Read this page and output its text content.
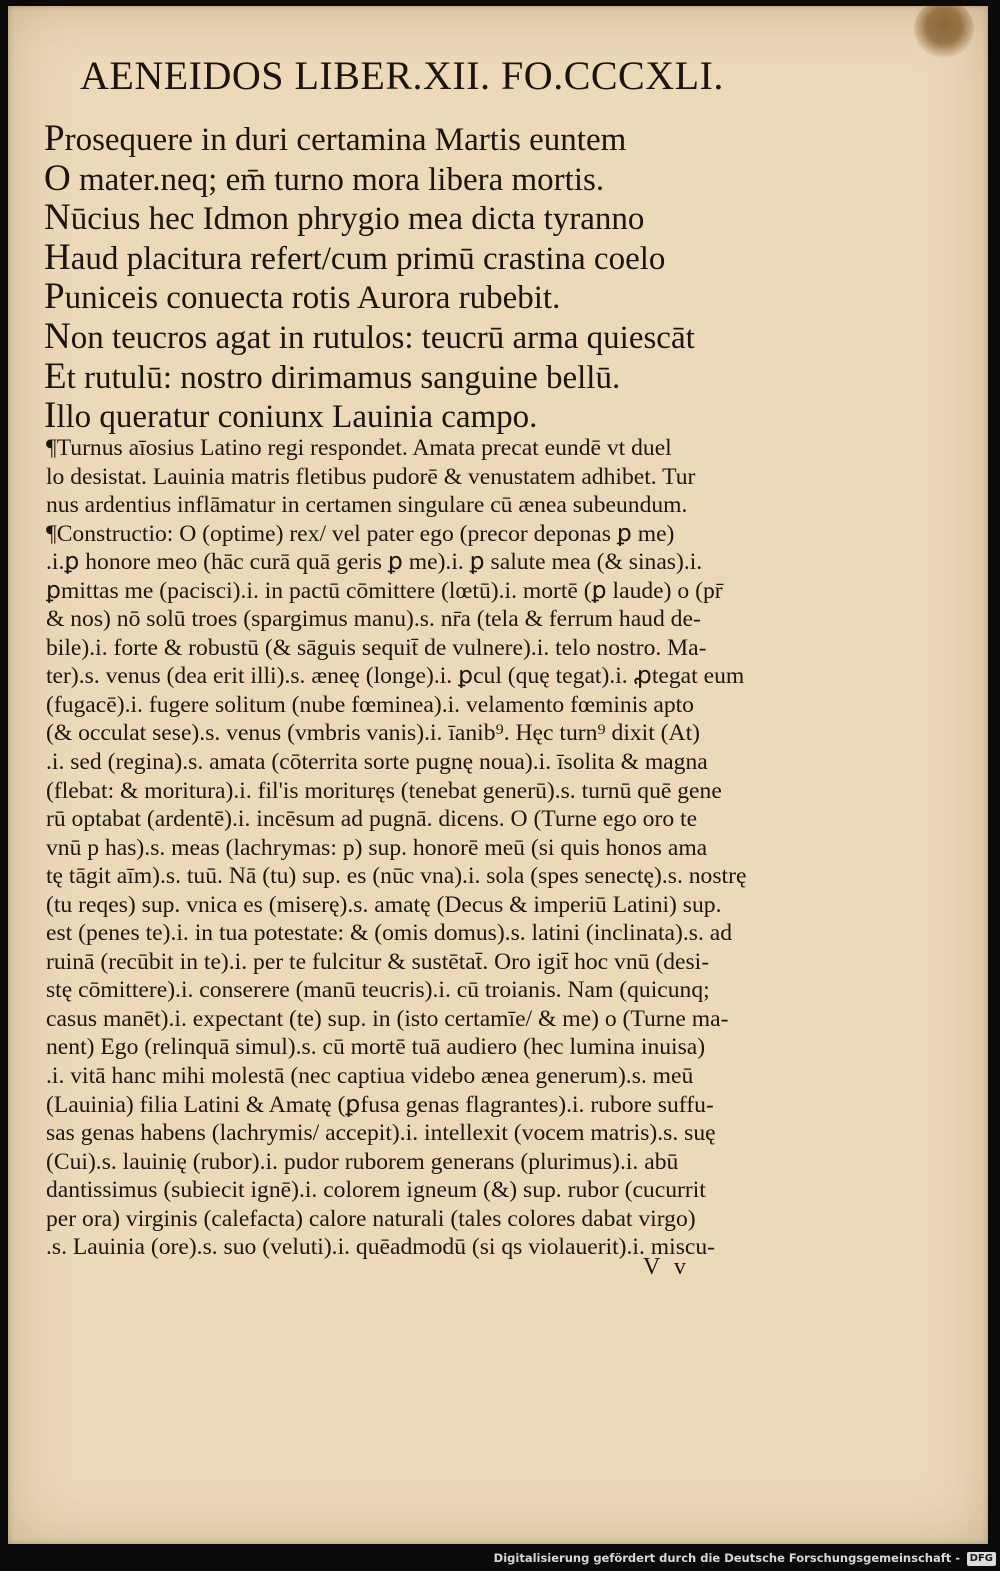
AENEIDOS LIBER.XII. FO.CCCXLI.
Prosequere in duri certamina Martis euntem
O mater.neq; em̄ turno mora libera mortis.
Nūcius hec Idmon phrygio mea dicta tyranno
Haud placitura refert/cum primū crastina coelo
Puniceis conuecta rotis Aurora rubebit.
Non teucros agat in rutulos: teucrū arma quiescāt
Et rutulū: nostro dirimamus sanguine bellū.
Illo queratur coniunx Lauinia campo.
¶Turnus aīosius Latino regi respondet. Amata precat eundē vt duel
lo desistat. Lauinia matris fletibus pudorē & venustatem adhibet. Tur
nus ardentius inflāmatur in certamen singulare cū ænea subeundum.
¶Constructio: O (optime) rex/ vel pater ego (precor deponas ꝑ me)
.i.ꝑ honore meo (hāc curā quā geris ꝑ me).i. ꝑ salute mea (& sinas).i.
ꝑmittas me (pacisci).i. in pactū cōmittere (lœtū).i. mortē (ꝑ laude) o (pr̄
& nos) nō solū troes (spargimus manu).s. nr̄a (tela & ferrum haud de-
bile).i. forte & robustū (& sāguis sequit̄ de vulnere).i. telo nostro. Ma-
ter).s. venus (dea erit illi).s. æneę (longe).i. ꝑcul (quę tegat).i. ꝓtegat eum
(fugacē).i. fugere solitum (nube fœminea).i. velamento fœminis apto
(& occulat sese).s. venus (vmbris vanis).i. īanib⁹. Hęc turn⁹ dixit (At)
.i. sed (regina).s. amata (cōterrita sorte pugnę noua).i. īsolita & magna
(flebat: & moritura).i. fil'is morituręs (tenebat generū).s. turnū quē gene
rū optabat (ardentē).i. incēsum ad pugnā. dicens. O (Turne ego oro te
vnū p has).s. meas (lachrymas: p) sup. honorē meū (si quis honos ama
tę tāgit aīm).s. tuū. Nā (tu) sup. es (nūc vna).i. sola (spes senectę).s. nostrę
(tu reqes) sup. vnica es (miserę).s. amatę (Decus & imperiū Latini) sup.
est (penes te).i. in tua potestate: & (omis domus).s. latini (inclinata).s. ad
ruinā (recūbit in te).i. per te fulcitur & sustētat̄. Oro igit̄ hoc vnū (desi-
stę cōmittere).i. conserere (manū teucris).i. cū troianis. Nam (quicunq;
casus manēt).i. expectant (te) sup. in (isto certamīe/ & me) o (Turne ma-
nent) Ego (relinquā simul).s. cū mortē tuā audiero (hec lumina inuisa)
.i. vitā hanc mihi molestā (nec captiua videbo ænea generum).s. meū
(Lauinia) filia Latini & Amatę (ꝑfusa genas flagrantes).i. rubore suffu-
sas genas habens (lachrymis/ accepit).i. intellexit (vocem matris).s. suę
(Cui).s. lauinię (rubor).i. pudor ruborem generans (plurimus).i. abū
dantissimus (subiecit ignē).i. colorem igneum (&) sup. rubor (cucurrit
per ora) virginis (calefacta) calore naturali (tales colores dabat virgo)
.s. Lauinia (ore).s. suo (veluti).i. quēadmodū (si qs violauerit).i. miscu-
V v
Digitalisierung gefördert durch die Deutsche Forschungsgemeinschaft - DFG
